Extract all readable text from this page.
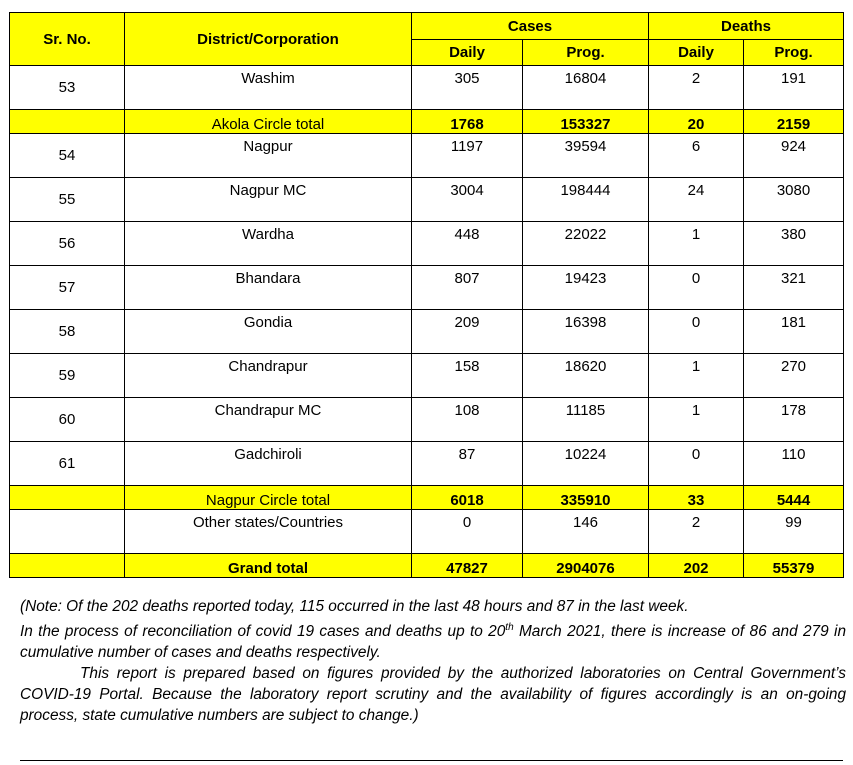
Sr. No.	District/Corporation	Cases		Deaths	
		Daily	Prog.	Daily	Prog.
53	Washim	305	16804	2	191
	Akola Circle total	1768	153327	20	2159
54	Nagpur	1197	39594	6	924
55	Nagpur MC	3004	198444	24	3080
56	Wardha	448	22022	1	380
57	Bhandara	807	19423	0	321
58	Gondia	209	16398	0	181
59	Chandrapur	158	18620	1	270
60	Chandrapur MC	108	11185	1	178
61	Gadchiroli	87	10224	0	110
	Nagpur Circle total	6018	335910	33	5444
	Other states/Countries	0	146	2	99
	Grand total	47827	2904076	202	55379

(Note: Of the 202 deaths reported today, 115 occurred in the last 48 hours and 87 in the last week.

In the process of reconciliation of covid 19 cases and deaths up to 20th March 2021, there is increase of 86 and 279 in cumulative number of cases and deaths respectively.

This report is prepared based on figures provided by the authorized laboratories on Central Government’s COVID-19 Portal. Because the laboratory report scrutiny and the availability of figures accordingly is an on-going process, state cumulative numbers are subject to change.)
